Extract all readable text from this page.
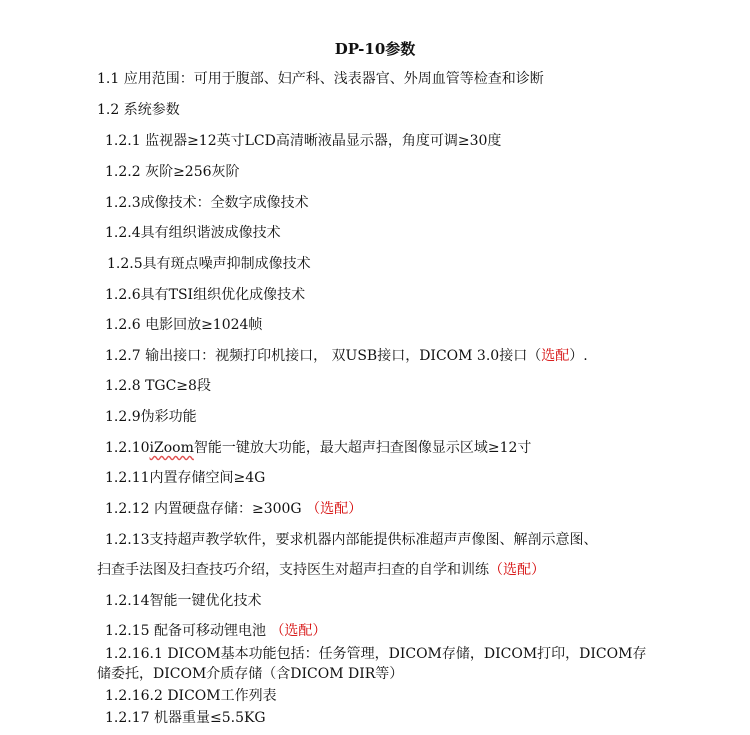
DP-10参数
1.1 应用范围：可用于腹部、妇产科、浅表器官、外周血管等检查和诊断
1.2 系统参数
1.2.1 监视器≥12英寸LCD高清晰液晶显示器，角度可调≥30度
1.2.2 灰阶≥256灰阶
1.2.3成像技术：全数字成像技术
1.2.4具有组织谐波成像技术
1.2.5具有斑点噪声抑制成像技术
1.2.6具有TSI组织优化成像技术
1.2.6 电影回放≥1024帧
1.2.7 输出接口：视频打印机接口， 双USB接口，DICOM 3.0接口（选配）.
1.2.8 TGC≥8段
1.2.9伪彩功能
1.2.10iZoom智能一键放大功能，最大超声扫查图像显示区域≥12寸
1.2.11内置存储空间≥4G
1.2.12 内置硬盘存储：≥300G （选配）
1.2.13支持超声教学软件，要求机器内部能提供标准超声声像图、解剖示意图、
扫查手法图及扫查技巧介绍，支持医生对超声扫查的自学和训练（选配）
1.2.14智能一键优化技术
1.2.15 配备可移动锂电池 （选配）
1.2.16.1 DICOM基本功能包括：任务管理，DICOM存储，DICOM打印，DICOM存
储委托，DICOM介质存储（含DICOM DIR等）
1.2.16.2 DICOM工作列表
1.2.17 机器重量≤5.5KG
